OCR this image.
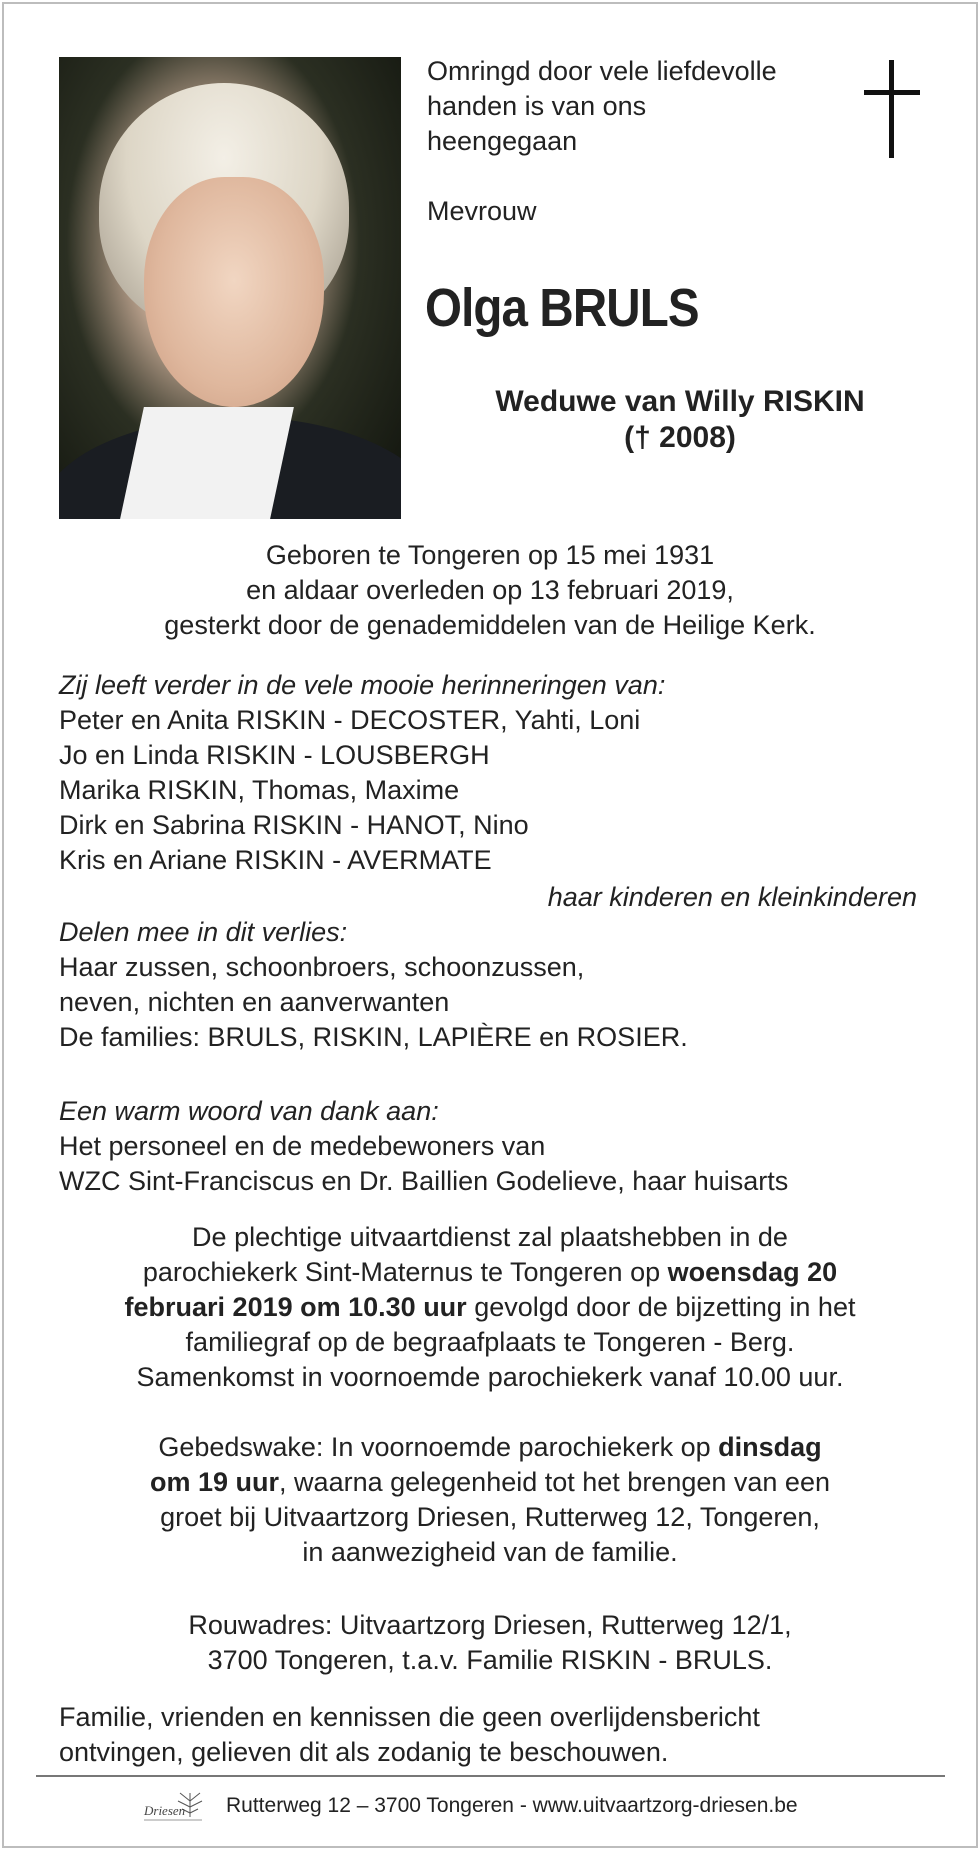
Omringd door vele liefdevolle
handen is van ons
heengegaan
Mevrouw
Olga BRULS
Weduwe van Willy RISKIN
(† 2008)
Geboren te Tongeren op 15 mei 1931
en aldaar overleden op 13 februari 2019,
gesterkt door de genademiddelen van de Heilige Kerk.
Zij leeft verder in de vele mooie herinneringen van:
Peter en Anita RISKIN - DECOSTER, Yahti, Loni
Jo en Linda RISKIN - LOUSBERGH
Marika RISKIN, Thomas, Maxime
Dirk en Sabrina RISKIN - HANOT, Nino
Kris en Ariane RISKIN - AVERMATE
haar kinderen en kleinkinderen
Delen mee in dit verlies:
Haar zussen, schoonbroers, schoonzussen,
neven, nichten en aanverwanten
De families: BRULS, RISKIN, LAPIÈRE en ROSIER.
Een warm woord van dank aan:
Het personeel en de medebewoners van
WZC Sint-Franciscus en Dr. Baillien Godelieve, haar huisarts
De plechtige uitvaartdienst zal plaatshebben in de
parochiekerk Sint-Maternus te Tongeren op woensdag 20
februari 2019 om 10.30 uur gevolgd door de bijzetting in het
familiegraf op de begraafplaats te Tongeren - Berg.
Samenkomst in voornoemde parochiekerk vanaf 10.00 uur.
Gebedswake: In voornoemde parochiekerk op dinsdag
om 19 uur, waarna gelegenheid tot het brengen van een
groet bij Uitvaartzorg Driesen, Rutterweg 12, Tongeren,
in aanwezigheid van de familie.
Rouwadres: Uitvaartzorg Driesen, Rutterweg 12/1,
3700 Tongeren, t.a.v. Familie RISKIN - BRULS.
Familie, vrienden en kennissen die geen overlijdensbericht
ontvingen, gelieven dit als zodanig te beschouwen.
Driesen Rutterweg 12 – 3700 Tongeren - www.uitvaartzorg-driesen.be
